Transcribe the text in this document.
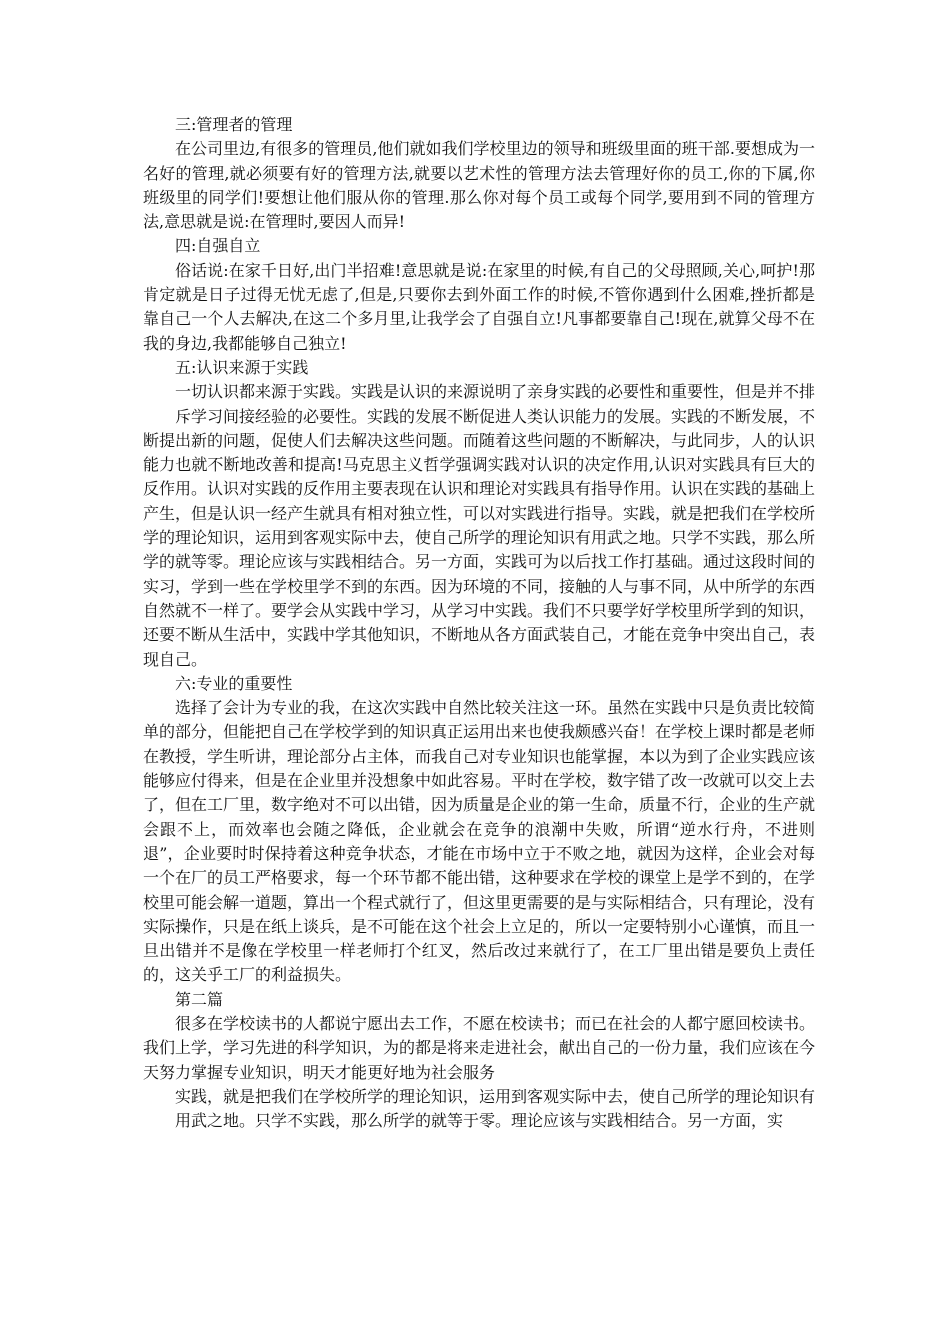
三:管理者的管理

在公司里边,有很多的管理员,他们就如我们学校里边的领导和班级里面的班干部.要想成为一名好的管理,就必须要有好的管理方法,就要以艺术性的管理方法去管理好你的员工,你的下属,你班级里的同学们!要想让他们服从你的管理.那么你对每个员工或每个同学,要用到不同的管理方法,意思就是说:在管理时,要因人而异!

四:自强自立

俗话说:在家千日好,出门半招难!意思就是说:在家里的时候,有自己的父母照顾,关心,呵护!那肯定就是日子过得无忧无虑了,但是,只要你去到外面工作的时候,不管你遇到什么困难,挫折都是靠自己一个人去解决,在这二个多月里,让我学会了自强自立!凡事都要靠自己!现在,就算父母不在我的身边,我都能够自己独立!

五:认识来源于实践

一切认识都来源于实践。实践是认识的来源说明了亲身实践的必要性和重要性，但是并不排

斥学习间接经验的必要性。实践的发展不断促进人类认识能力的发展。实践的不断发展，不断提出新的问题，促使人们去解决这些问题。而随着这些问题的不断解决，与此同步，人的认识能力也就不断地改善和提高!马克思主义哲学强调实践对认识的决定作用,认识对实践具有巨大的反作用。认识对实践的反作用主要表现在认识和理论对实践具有指导作用。认识在实践的基础上产生，但是认识一经产生就具有相对独立性，可以对实践进行指导。实践，就是把我们在学校所学的理论知识，运用到客观实际中去，使自己所学的理论知识有用武之地。只学不实践，那么所学的就等零。理论应该与实践相结合。另一方面，实践可为以后找工作打基础。通过这段时间的实习，学到一些在学校里学不到的东西。因为环境的不同，接触的人与事不同，从中所学的东西自然就不一样了。要学会从实践中学习，从学习中实践。我们不只要学好学校里所学到的知识，还要不断从生活中，实践中学其他知识，不断地从各方面武装自己，才能在竞争中突出自己，表现自己。

六:专业的重要性

选择了会计为专业的我，在这次实践中自然比较关注这一环。虽然在实践中只是负责比较简单的部分，但能把自己在学校学到的知识真正运用出来也使我颇感兴奋！在学校上课时都是老师在教授，学生听讲，理论部分占主体，而我自己对专业知识也能掌握，本以为到了企业实践应该能够应付得来，但是在企业里并没想象中如此容易。平时在学校，数字错了改一改就可以交上去了，但在工厂里，数字绝对不可以出错，因为质量是企业的第一生命，质量不行，企业的生产就会跟不上，而效率也会随之降低，企业就会在竞争的浪潮中失败，所谓“逆水行舟，不进则退”，企业要时时保持着这种竞争状态，才能在市场中立于不败之地，就因为这样，企业会对每一个在厂的员工严格要求，每一个环节都不能出错，这种要求在学校的课堂上是学不到的，在学校里可能会解一道题，算出一个程式就行了，但这里更需要的是与实际相结合，只有理论，没有实际操作，只是在纸上谈兵，是不可能在这个社会上立足的，所以一定要特别小心谨慎，而且一旦出错并不是像在学校里一样老师打个红叉，然后改过来就行了，在工厂里出错是要负上责任的，这关乎工厂的利益损失。

第二篇

很多在学校读书的人都说宁愿出去工作，不愿在校读书；而已在社会的人都宁愿回校读书。我们上学，学习先进的科学知识，为的都是将来走进社会，献出自己的一份力量，我们应该在今天努力掌握专业知识，明天才能更好地为社会服务

实践，就是把我们在学校所学的理论知识，运用到客观实际中去，使自己所学的理论知识有

用武之地。只学不实践，那么所学的就等于零。理论应该与实践相结合。另一方面，实
